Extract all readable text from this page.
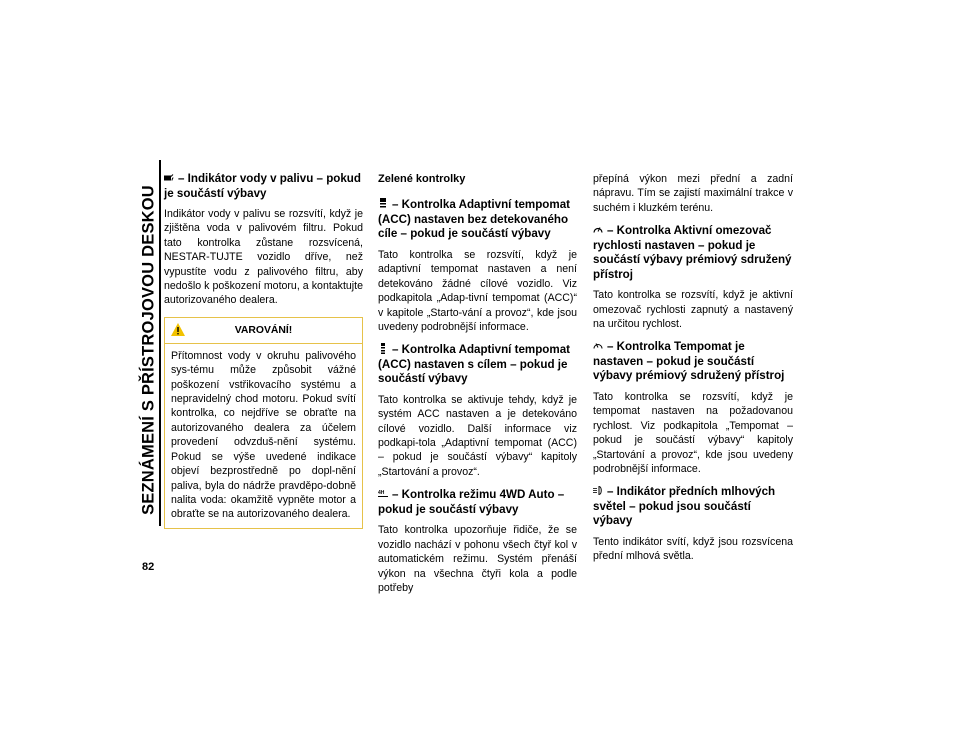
SEZNÁMENÍ S PŘÍSTROJOVOU DESKOU
82
– Indikátor vody v palivu – pokud je součástí výbavy

Indikátor vody v palivu se rozsvítí, když je zjištěna voda v palivovém filtru. Pokud tato kontrolka zůstane rozsvícená, NESTAR-TUJTE vozidlo dříve, než vypustíte vodu z palivového filtru, aby nedošlo k poškození motoru, a kontaktujte autorizovaného dealera.

VAROVÁNÍ!

Přítomnost vody v okruhu palivového sys-tému může způsobit vážné poškození vstřikovacího systému a nepravidelný chod motoru. Pokud svítí kontrolka, co nejdříve se obraťte na autorizovaného dealera za účelem provedení odvzduš-nění systému. Pokud se výše uvedené indikace objeví bezprostředně po dopl-nění paliva, byla do nádrže pravděpo-dobně nalita voda: okamžitě vypněte motor a obraťte se na autorizovaného dealera.

Zelené kontrolky
– Kontrolka Adaptivní tempomat (ACC) nastaven bez detekovaného cíle – pokud je součástí výbavy

Tato kontrolka se rozsvítí, když je adaptivní tempomat nastaven a není detekováno žádné cílové vozidlo. Viz podkapitola „Adap-tivní tempomat (ACC)“ v kapitole „Starto-vání a provoz“, kde jsou uvedeny podrobnější informace.

– Kontrolka Adaptivní tempomat (ACC) nastaven s cílem – pokud je součástí výbavy

Tato kontrolka se aktivuje tehdy, když je systém ACC nastaven a je detekováno cílové vozidlo. Další informace viz podkapi-tola „Adaptivní tempomat (ACC) – pokud je součástí výbavy“ kapitoly „Startování a provoz“.

4H – Kontrolka režimu 4WD Auto – pokud je součástí výbavy

Tato kontrolka upozorňuje řidiče, že se vozidlo nachází v pohonu všech čtyř kol v automatickém režimu. Systém přenáší výkon na všechna čtyři kola a podle potřeby

přepíná výkon mezi přední a zadní nápravu. Tím se zajistí maximální trakce v suchém i kluzkém terénu.

– Kontrolka Aktivní omezovač rychlosti nastaven – pokud je součástí výbavy prémiový sdružený přístroj

Tato kontrolka se rozsvítí, když je aktivní omezovač rychlosti zapnutý a nastavený na určitou rychlost.

– Kontrolka Tempomat je nastaven – pokud je součástí výbavy prémiový sdružený přístroj

Tato kontrolka se rozsvítí, když je tempomat nastaven na požadovanou rychlost. Viz podkapitola „Tempomat – pokud je součástí výbavy“ kapitoly „Startování a provoz“, kde jsou uvedeny podrobnější informace.

– Indikátor předních mlhových světel – pokud jsou součástí výbavy

Tento indikátor svítí, když jsou rozsvícena přední mlhová světla.
